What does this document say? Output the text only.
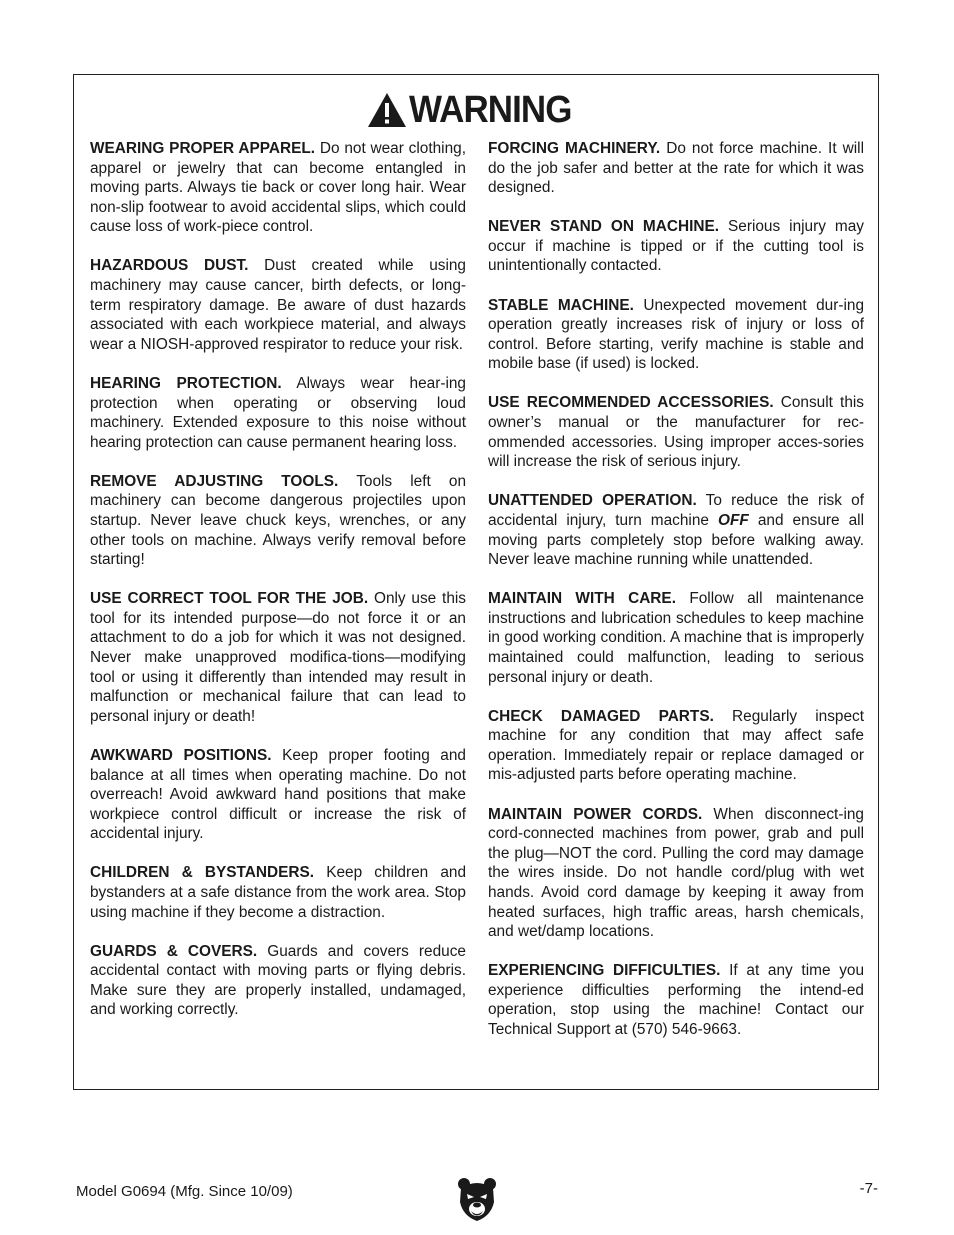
WARNING

WEARING PROPER APPAREL. Do not wear clothing, apparel or jewelry that can become entangled in moving parts. Always tie back or cover long hair. Wear non-slip footwear to avoid accidental slips, which could cause loss of work-piece control.

HAZARDOUS DUST. Dust created while using machinery may cause cancer, birth defects, or long-term respiratory damage. Be aware of dust hazards associated with each workpiece material, and always wear a NIOSH-approved respirator to reduce your risk.

HEARING PROTECTION. Always wear hear-ing protection when operating or observing loud machinery. Extended exposure to this noise without hearing protection can cause permanent hearing loss.

REMOVE ADJUSTING TOOLS. Tools left on machinery can become dangerous projectiles upon startup. Never leave chuck keys, wrenches, or any other tools on machine. Always verify removal before starting!

USE CORRECT TOOL FOR THE JOB. Only use this tool for its intended purpose—do not force it or an attachment to do a job for which it was not designed. Never make unapproved modifica-tions—modifying tool or using it differently than intended may result in malfunction or mechanical failure that can lead to personal injury or death!

AWKWARD POSITIONS. Keep proper footing and balance at all times when operating machine. Do not overreach! Avoid awkward hand positions that make workpiece control difficult or increase the risk of accidental injury.

CHILDREN & BYSTANDERS. Keep children and bystanders at a safe distance from the work area. Stop using machine if they become a distraction.

GUARDS & COVERS. Guards and covers reduce accidental contact with moving parts or flying debris. Make sure they are properly installed, undamaged, and working correctly.

FORCING MACHINERY. Do not force machine. It will do the job safer and better at the rate for which it was designed.

NEVER STAND ON MACHINE. Serious injury may occur if machine is tipped or if the cutting tool is unintentionally contacted.

STABLE MACHINE. Unexpected movement dur-ing operation greatly increases risk of injury or loss of control. Before starting, verify machine is stable and mobile base (if used) is locked.

USE RECOMMENDED ACCESSORIES. Consult this owner’s manual or the manufacturer for rec-ommended accessories. Using improper acces-sories will increase the risk of serious injury.

UNATTENDED OPERATION. To reduce the risk of accidental injury, turn machine OFF and ensure all moving parts completely stop before walking away. Never leave machine running while unattended.

MAINTAIN WITH CARE. Follow all maintenance instructions and lubrication schedules to keep machine in good working condition. A machine that is improperly maintained could malfunction, leading to serious personal injury or death.

CHECK DAMAGED PARTS. Regularly inspect machine for any condition that may affect safe operation. Immediately repair or replace damaged or mis-adjusted parts before operating machine.

MAINTAIN POWER CORDS. When disconnect-ing cord-connected machines from power, grab and pull the plug—NOT the cord. Pulling the cord may damage the wires inside. Do not handle cord/plug with wet hands. Avoid cord damage by keeping it away from heated surfaces, high traffic areas, harsh chemicals, and wet/damp locations.

EXPERIENCING DIFFICULTIES. If at any time you experience difficulties performing the intend-ed operation, stop using the machine! Contact our Technical Support at (570) 546-9663.

Model G0694 (Mfg. Since 10/09)	-7-
